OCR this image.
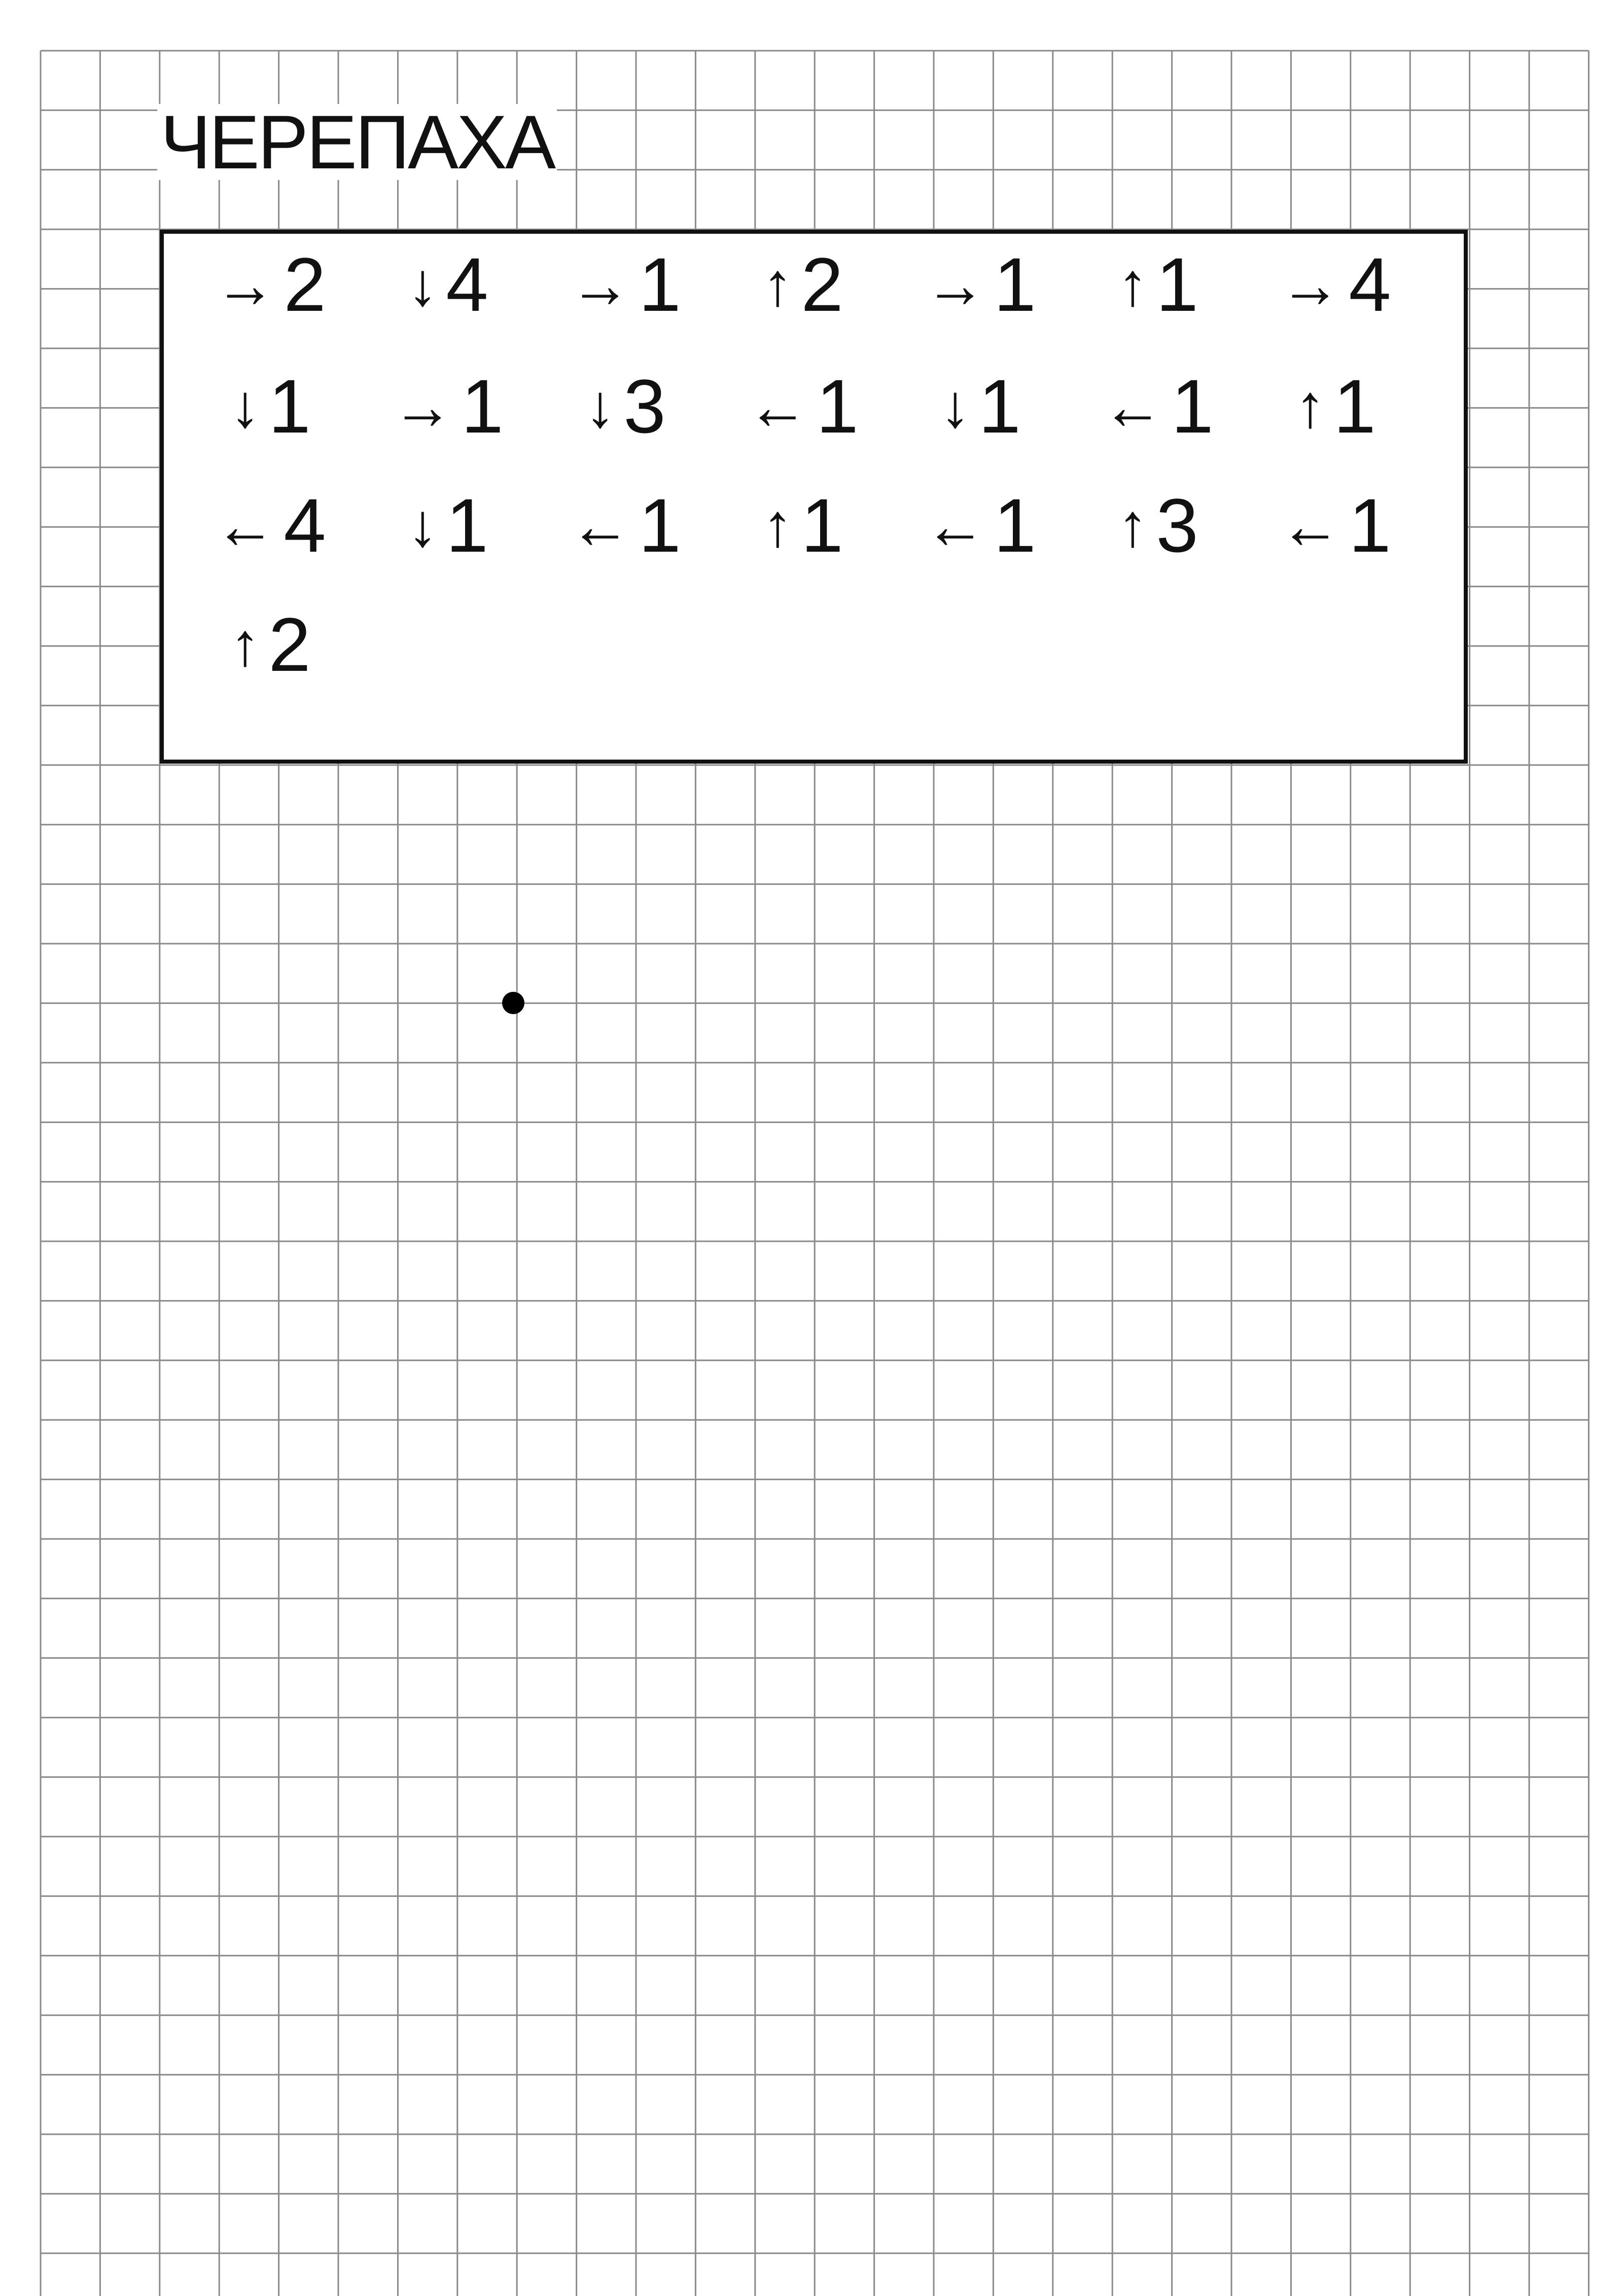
ЧЕРЕПАХА
→ 2 ↓ 4 → 1 ↑ 2 → 1 ↑ 1 → 4
↓ 1 → 1 ↓ 3 ← 1 ↓ 1 ← 1 ↑ 1
← 4 ↓ 1 ← 1 ↑ 1 ← 1 ↑ 3 ← 1
↑ 2
